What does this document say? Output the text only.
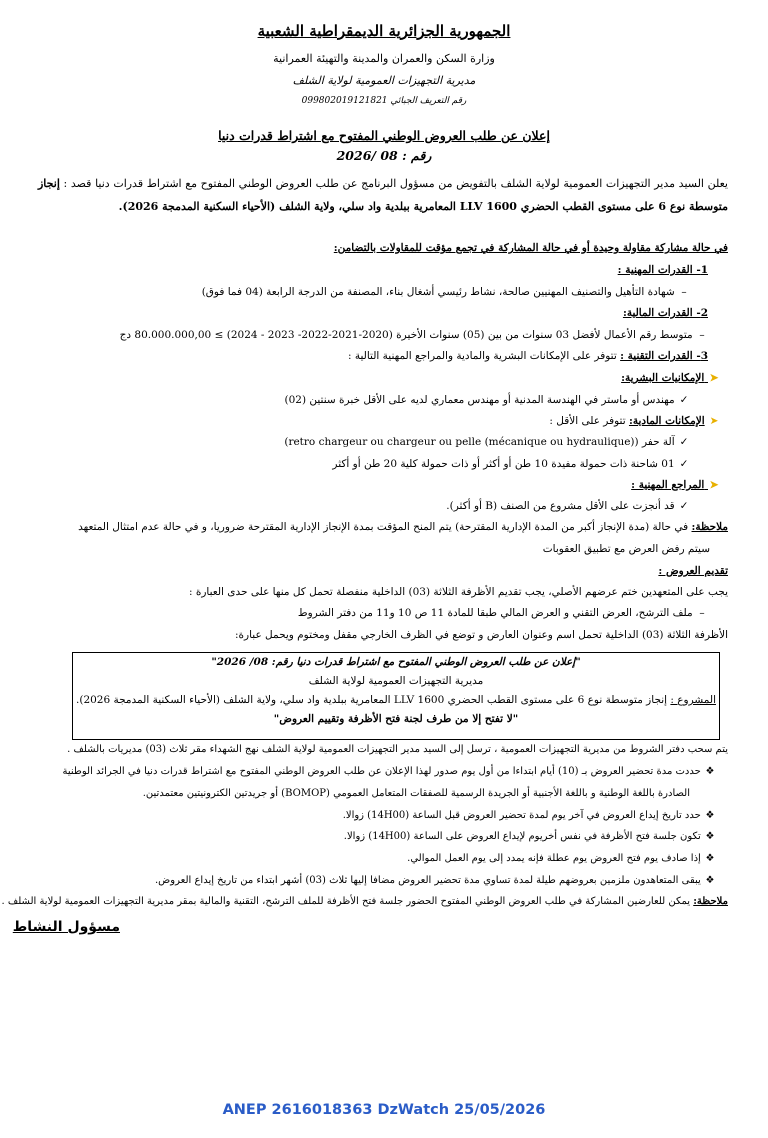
الجمهورية الجزائرية الديمقراطية الشعبية
وزارة السكن والعمران والمدينة والتهيئة العمرانية
مديرية التجهيزات العمومية لولاية الشلف
رقم التعريف الجبائي 099802019121821
إعلان عن طلب العروض الوطني المفتوح مع اشتراط قدرات دنيا
رقم : 08 /2026
يعلن السيد مدير التجهيزات العمومية لولاية الشلف بالتفويض من مسؤول البرنامج عن طلب العروض الوطني المفتوح مع اشتراط قدرات دنيا قصد : إنجاز متوسطة نوع 6 على مستوى القطب الحضري LLV 1600 المعامرية ببلدية واد سلي، ولاية الشلف (الأحياء السكنية المدمجة 2026).
في حالة مشاركة مقاولة وحيدة أو في حالة المشاركة في تجمع مؤقت للمقاولات بالتضامن:
1- القدرات المهنية :
– شهادة التأهيل والتصنيف المهنيين صالحة، نشاط رئيسي أشغال بناء، المصنفة من الدرجة الرابعة (04 فما فوق)
2- القدرات المالية:
– متوسط رقم الأعمال لأفضل 03 سنوات من بين (05) سنوات الأخيرة (2020-2021-2022- 2023 - 2024) ≥ 80.000.000,00 دج
3- القدرات التقنية : تتوفر على الإمكانات البشرية والمادية والمراجع المهنية التالية :
➤ الإمكانيات البشرية:
✓ مهندس أو ماستر في الهندسة المدنية أو مهندس معماري لديه على الأقل خبرة سنتين (02)
➤ الإمكانات المادية: تتوفر على الأقل :
✓ آلة حفر (retro chargeur ou chargeur ou pelle (mécanique ou hydraulique))
✓ 01 شاحنة ذات حمولة مفيدة 10 طن أو أكثر أو ذات حمولة كلية 20 طن أو أكثر
➤ المراجع المهنية :
✓ قد أنجزت على الأقل مشروع من الصنف (B أو أكثر).
ملاحظة: في حالة (مدة الإنجاز أكبر من المدة الإدارية المقترحة) يتم المنح المؤقت بمدة الإنجاز الإدارية المقترحة ضروريا، و في حالة عدم امتثال المتعهد
سيتم رفض العرض مع تطبيق العقوبات
تقديم العروض :
يجب على المتعهدين ختم عرضهم الأصلي، يجب تقديم الأظرفة الثلاثة (03) الداخلية منفصلة تحمل كل منها على حدى العبارة :
– ملف الترشح، العرض التقني و العرض المالي طبقا للمادة 11 ص 10 و11 من دفتر الشروط
الأظرفة الثلاثة (03) الداخلية تحمل اسم وعنوان العارض و توضع في الظرف الخارجي مقفل ومختوم ويحمل عبارة:
"إعلان عن طلب العروض الوطني المفتوح مع اشتراط قدرات دنيا رقم: 08/ 2026"
مديرية التجهيزات العمومية لولاية الشلف
المشروع : إنجاز متوسطة نوع 6 على مستوى القطب الحضري LLV 1600 المعامرية ببلدية واد سلي، ولاية الشلف (الأحياء السكنية المدمجة 2026).
"لا تفتح إلا من طرف لجنة فتح الأظرفة وتقييم العروض"
يتم سحب دفتر الشروط من مديرية التجهيزات العمومية ، ترسل إلى السيد مدير التجهيزات العمومية لولاية الشلف نهج الشهداء مقر ثلاث (03) مديريات بالشلف .
❖ حددت مدة تحضير العروض بـ (10) أيام ابتداءا من أول يوم صدور لهذا الإعلان عن طلب العروض الوطني المفتوح مع اشتراط قدرات دنيا في الجرائد الوطنية
الصادرة باللغة الوطنية و باللغة الأجنبية أو الجريدة الرسمية للصفقات المتعامل العمومي (BOMOP) أو جريدتين الكترونيتين معتمدتين.
❖ حدد تاريخ إيداع العروض في آخر يوم لمدة تحضير العروض قبل الساعة (14H00) زوالا.
❖ تكون جلسة فتح الأظرفة في نفس أخريوم لإيداع العروض على الساعة (14H00) زوالا.
❖ إذا صادف يوم فتح العروض يوم عطلة فإنه يمدد إلى يوم العمل الموالي.
❖ يبقى المتعاهدون ملزمين بعروضهم طيلة لمدة تساوي مدة تحضير العروض مضافا إليها ثلاث (03) أشهر ابتداء من تاريخ إيداع العروض.
ملاحظة: يمكن للعارضين المشاركة في طلب العروض الوطني المفتوح الحضور جلسة فتح الأظرفة للملف الترشح، التقنية والمالية بمقر مديرية التجهيزات العمومية لولاية الشلف .
مسؤول النشاط
ANEP 2616018363 DzWatch 25/05/2026
